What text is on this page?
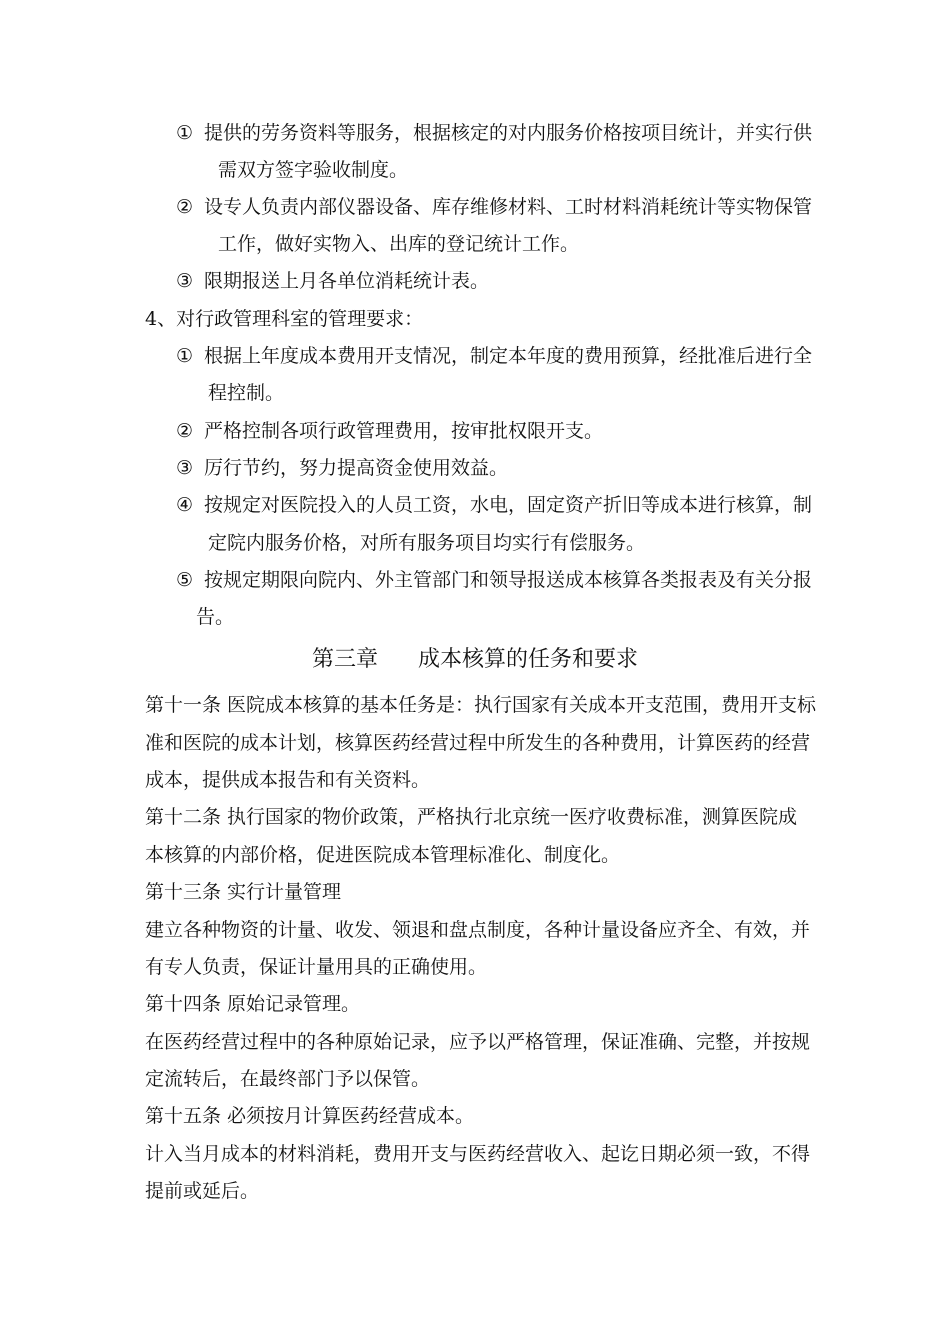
① 提供的劳务资料等服务，根据核定的对内服务价格按项目统计，并实行供

需双方签字验收制度。

② 设专人负责内部仪器设备、库存维修材料、工时材料消耗统计等实物保管

工作，做好实物入、出库的登记统计工作。

③ 限期报送上月各单位消耗统计表。

4、对行政管理科室的管理要求：

① 根据上年度成本费用开支情况，制定本年度的费用预算，经批准后进行全

程控制。

② 严格控制各项行政管理费用，按审批权限开支。

③ 厉行节约，努力提高资金使用效益。

④ 按规定对医院投入的人员工资，水电，固定资产折旧等成本进行核算，制

定院内服务价格，对所有服务项目均实行有偿服务。

⑤ 按规定期限向院内、外主管部门和领导报送成本核算各类报表及有关分报

告。

第三章 成本核算的任务和要求

第十一条 医院成本核算的基本任务是：执行国家有关成本开支范围，费用开支标

准和医院的成本计划，核算医药经营过程中所发生的各种费用，计算医药的经营

成本，提供成本报告和有关资料。

第十二条 执行国家的物价政策，严格执行北京统一医疗收费标准，测算医院成

本核算的内部价格，促进医院成本管理标准化、制度化。

第十三条 实行计量管理

建立各种物资的计量、收发、领退和盘点制度，各种计量设备应齐全、有效，并

有专人负责，保证计量用具的正确使用。

第十四条 原始记录管理。

在医药经营过程中的各种原始记录，应予以严格管理，保证准确、完整，并按规

定流转后，在最终部门予以保管。

第十五条 必须按月计算医药经营成本。

计入当月成本的材料消耗，费用开支与医药经营收入、起讫日期必须一致，不得

提前或延后。
